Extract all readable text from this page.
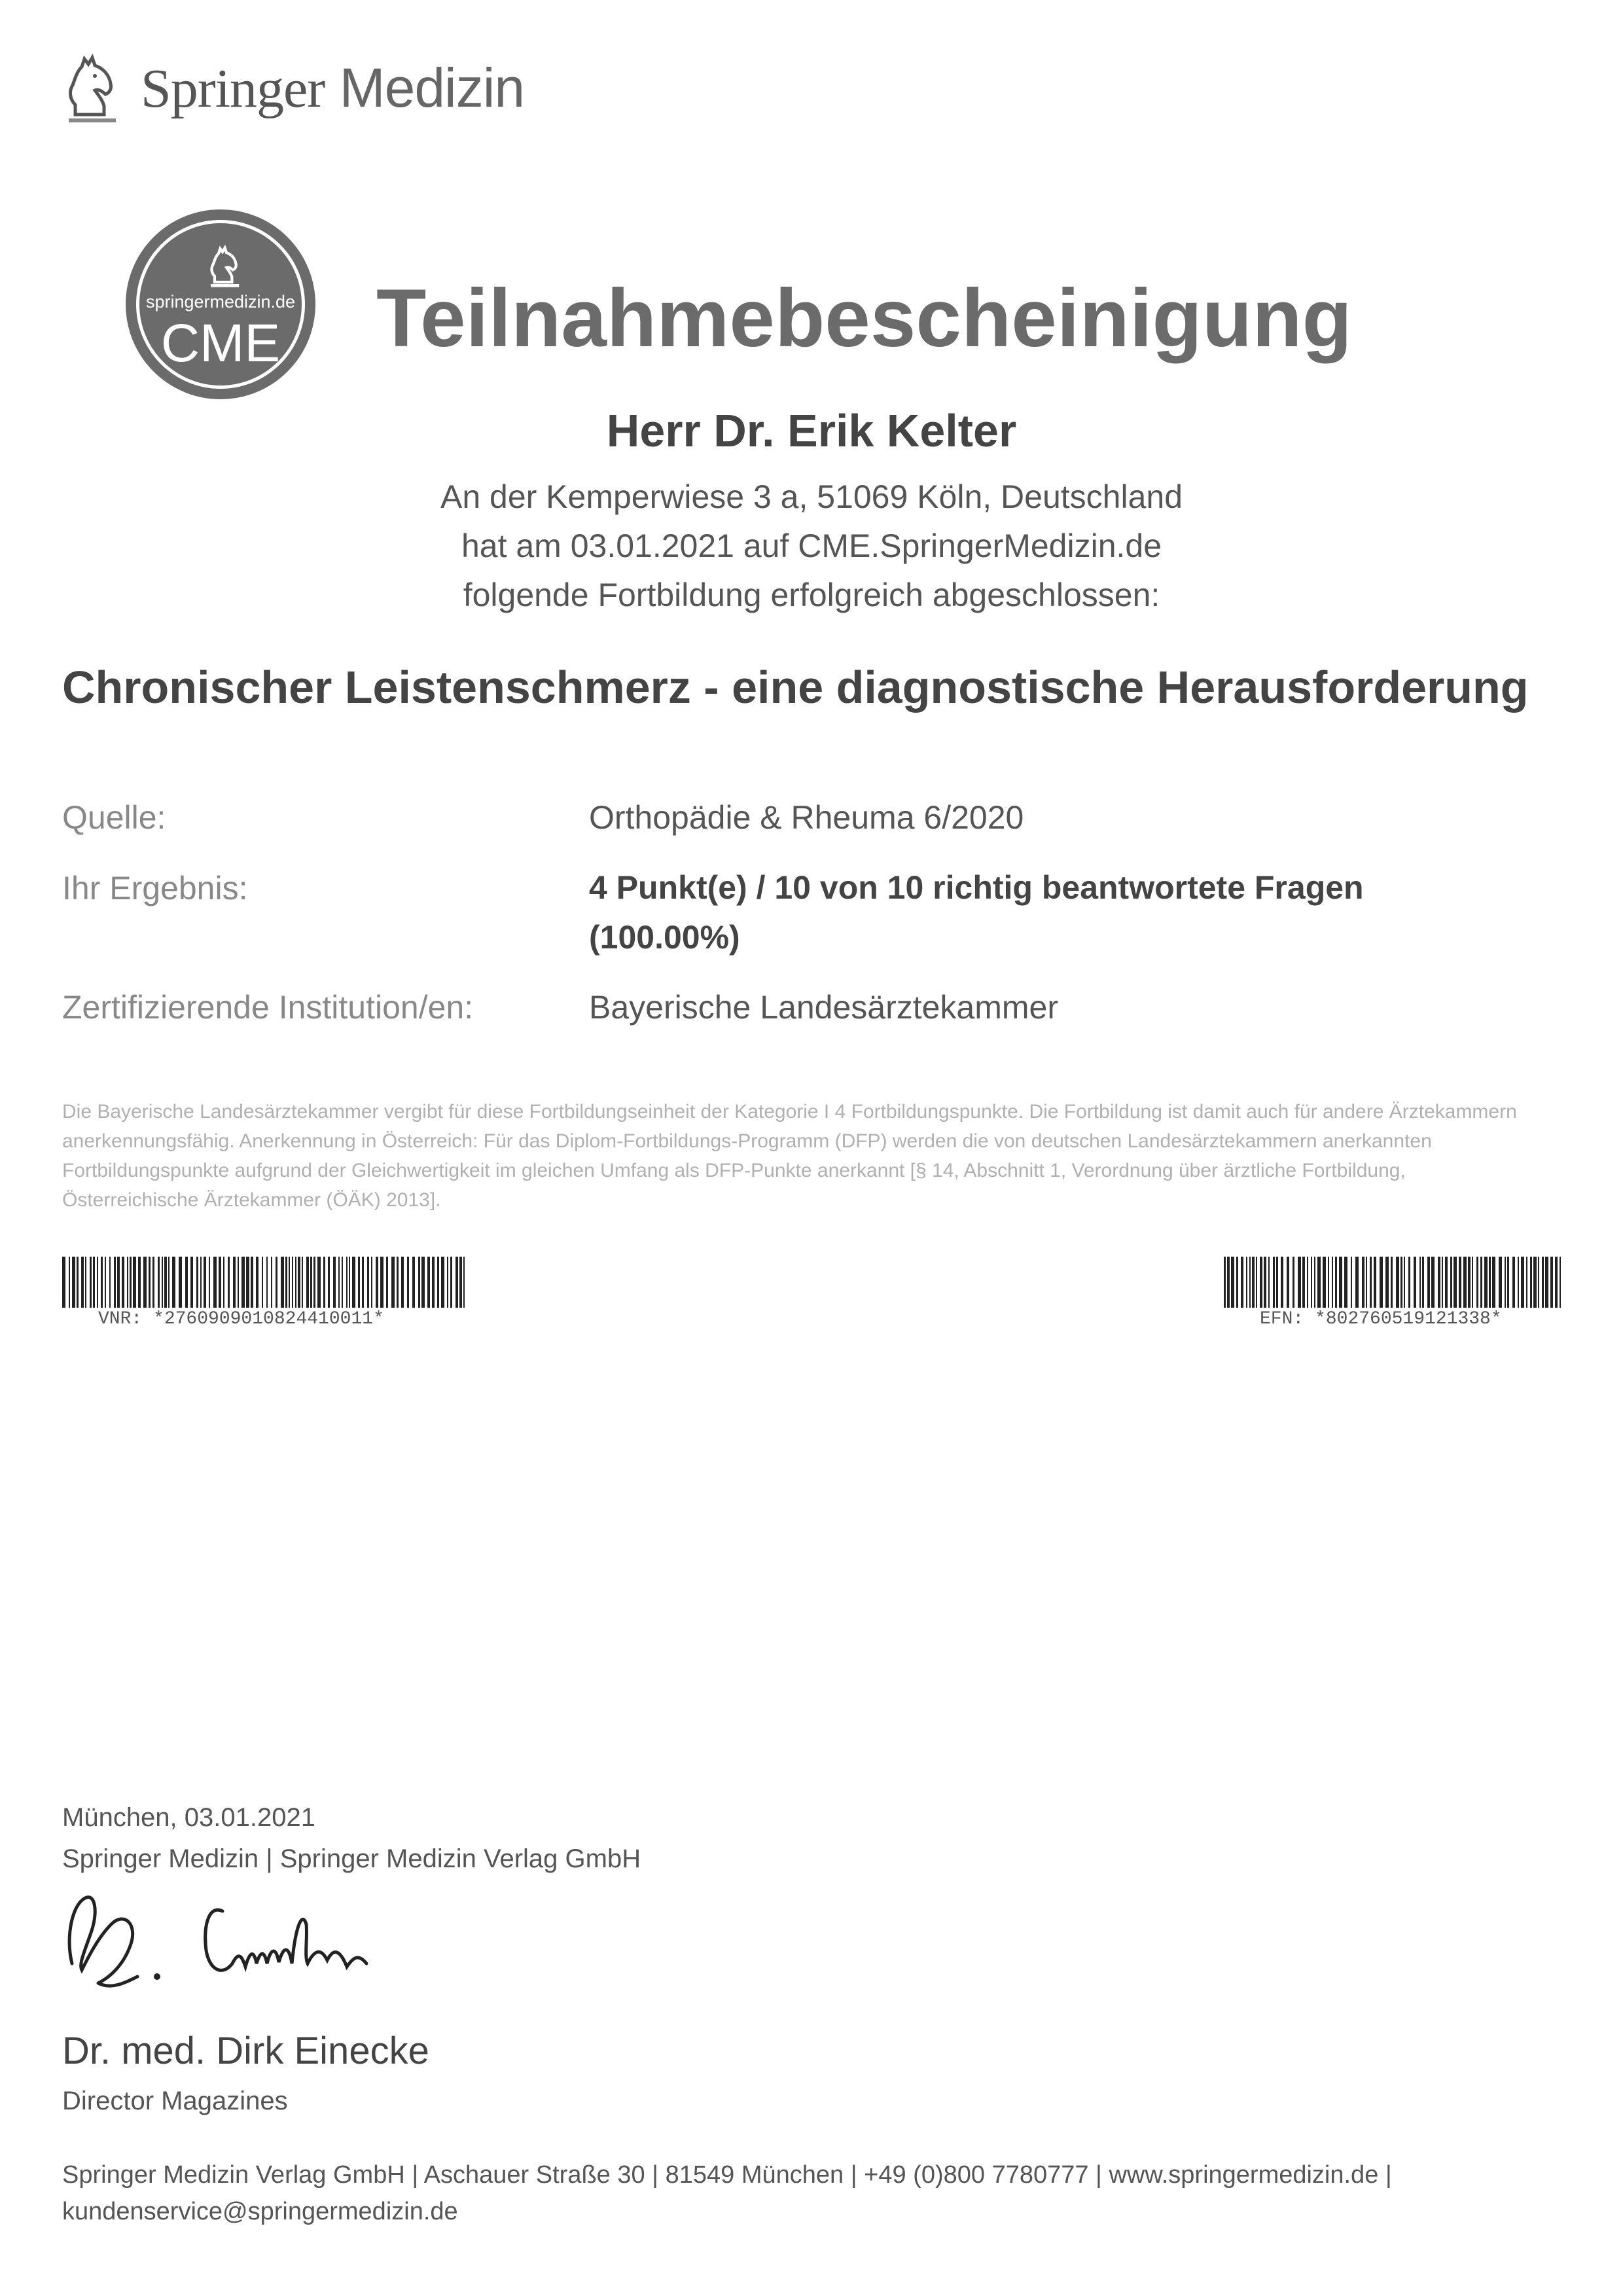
Springer Medizin
springermedizin.de
CME	Teilnahmebescheinigung
Herr Dr. Erik Kelter
An der Kemperwiese 3 a, 51069 Köln, Deutschland
hat am 03.01.2021 auf CME.SpringerMedizin.de
folgende Fortbildung erfolgreich abgeschlossen:
Chronischer Leistenschmerz - eine diagnostische Herausforderung
Quelle:	Orthopädie & Rheuma 6/2020
Ihr Ergebnis:	4 Punkt(e) / 10 von 10 richtig beantwortete Fragen (100.00%)
Zertifizierende Institution/en:	Bayerische Landesärztekammer
Die Bayerische Landesärztekammer vergibt für diese Fortbildungseinheit der Kategorie I 4 Fortbildungspunkte. Die Fortbildung ist damit auch für andere Ärztekammern anerkennungsfähig. Anerkennung in Österreich: Für das Diplom-Fortbildungs-Programm (DFP) werden die von deutschen Landesärztekammern anerkannten Fortbildungspunkte aufgrund der Gleichwertigkeit im gleichen Umfang als DFP-Punkte anerkannt [§ 14, Abschnitt 1, Verordnung über ärztliche Fortbildung, Österreichische Ärztekammer (ÖÄK) 2013].
VNR: *2760909010824410011*	EFN: *802760519121338*
München, 03.01.2021
Springer Medizin | Springer Medizin Verlag GmbH
Dr. med. Dirk Einecke
Director Magazines
Springer Medizin Verlag GmbH | Aschauer Straße 30 | 81549 München | +49 (0)800 7780777 | www.springermedizin.de |
kundenservice@springermedizin.de
